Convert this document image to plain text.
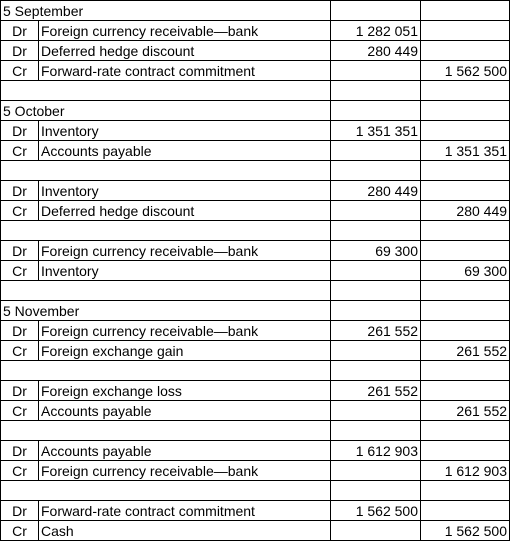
5 September			
Dr	Foreign currency receivable—bank	1 282 051	
Dr	Deferred hedge discount	280 449	
Cr	Forward-rate contract commitment		1 562 500

5 October			
Dr	Inventory	1 351 351	
Cr	Accounts payable		1 351 351

Dr	Inventory	280 449	
Cr	Deferred hedge discount		280 449

Dr	Foreign currency receivable—bank	69 300	
Cr	Inventory		69 300

5 November			
Dr	Foreign currency receivable—bank	261 552	
Cr	Foreign exchange gain		261 552

Dr	Foreign exchange loss	261 552	
Cr	Accounts payable		261 552

Dr	Accounts payable	1 612 903	
Cr	Foreign currency receivable—bank		1 612 903

Dr	Forward-rate contract commitment	1 562 500	
Cr	Cash		1 562 500
